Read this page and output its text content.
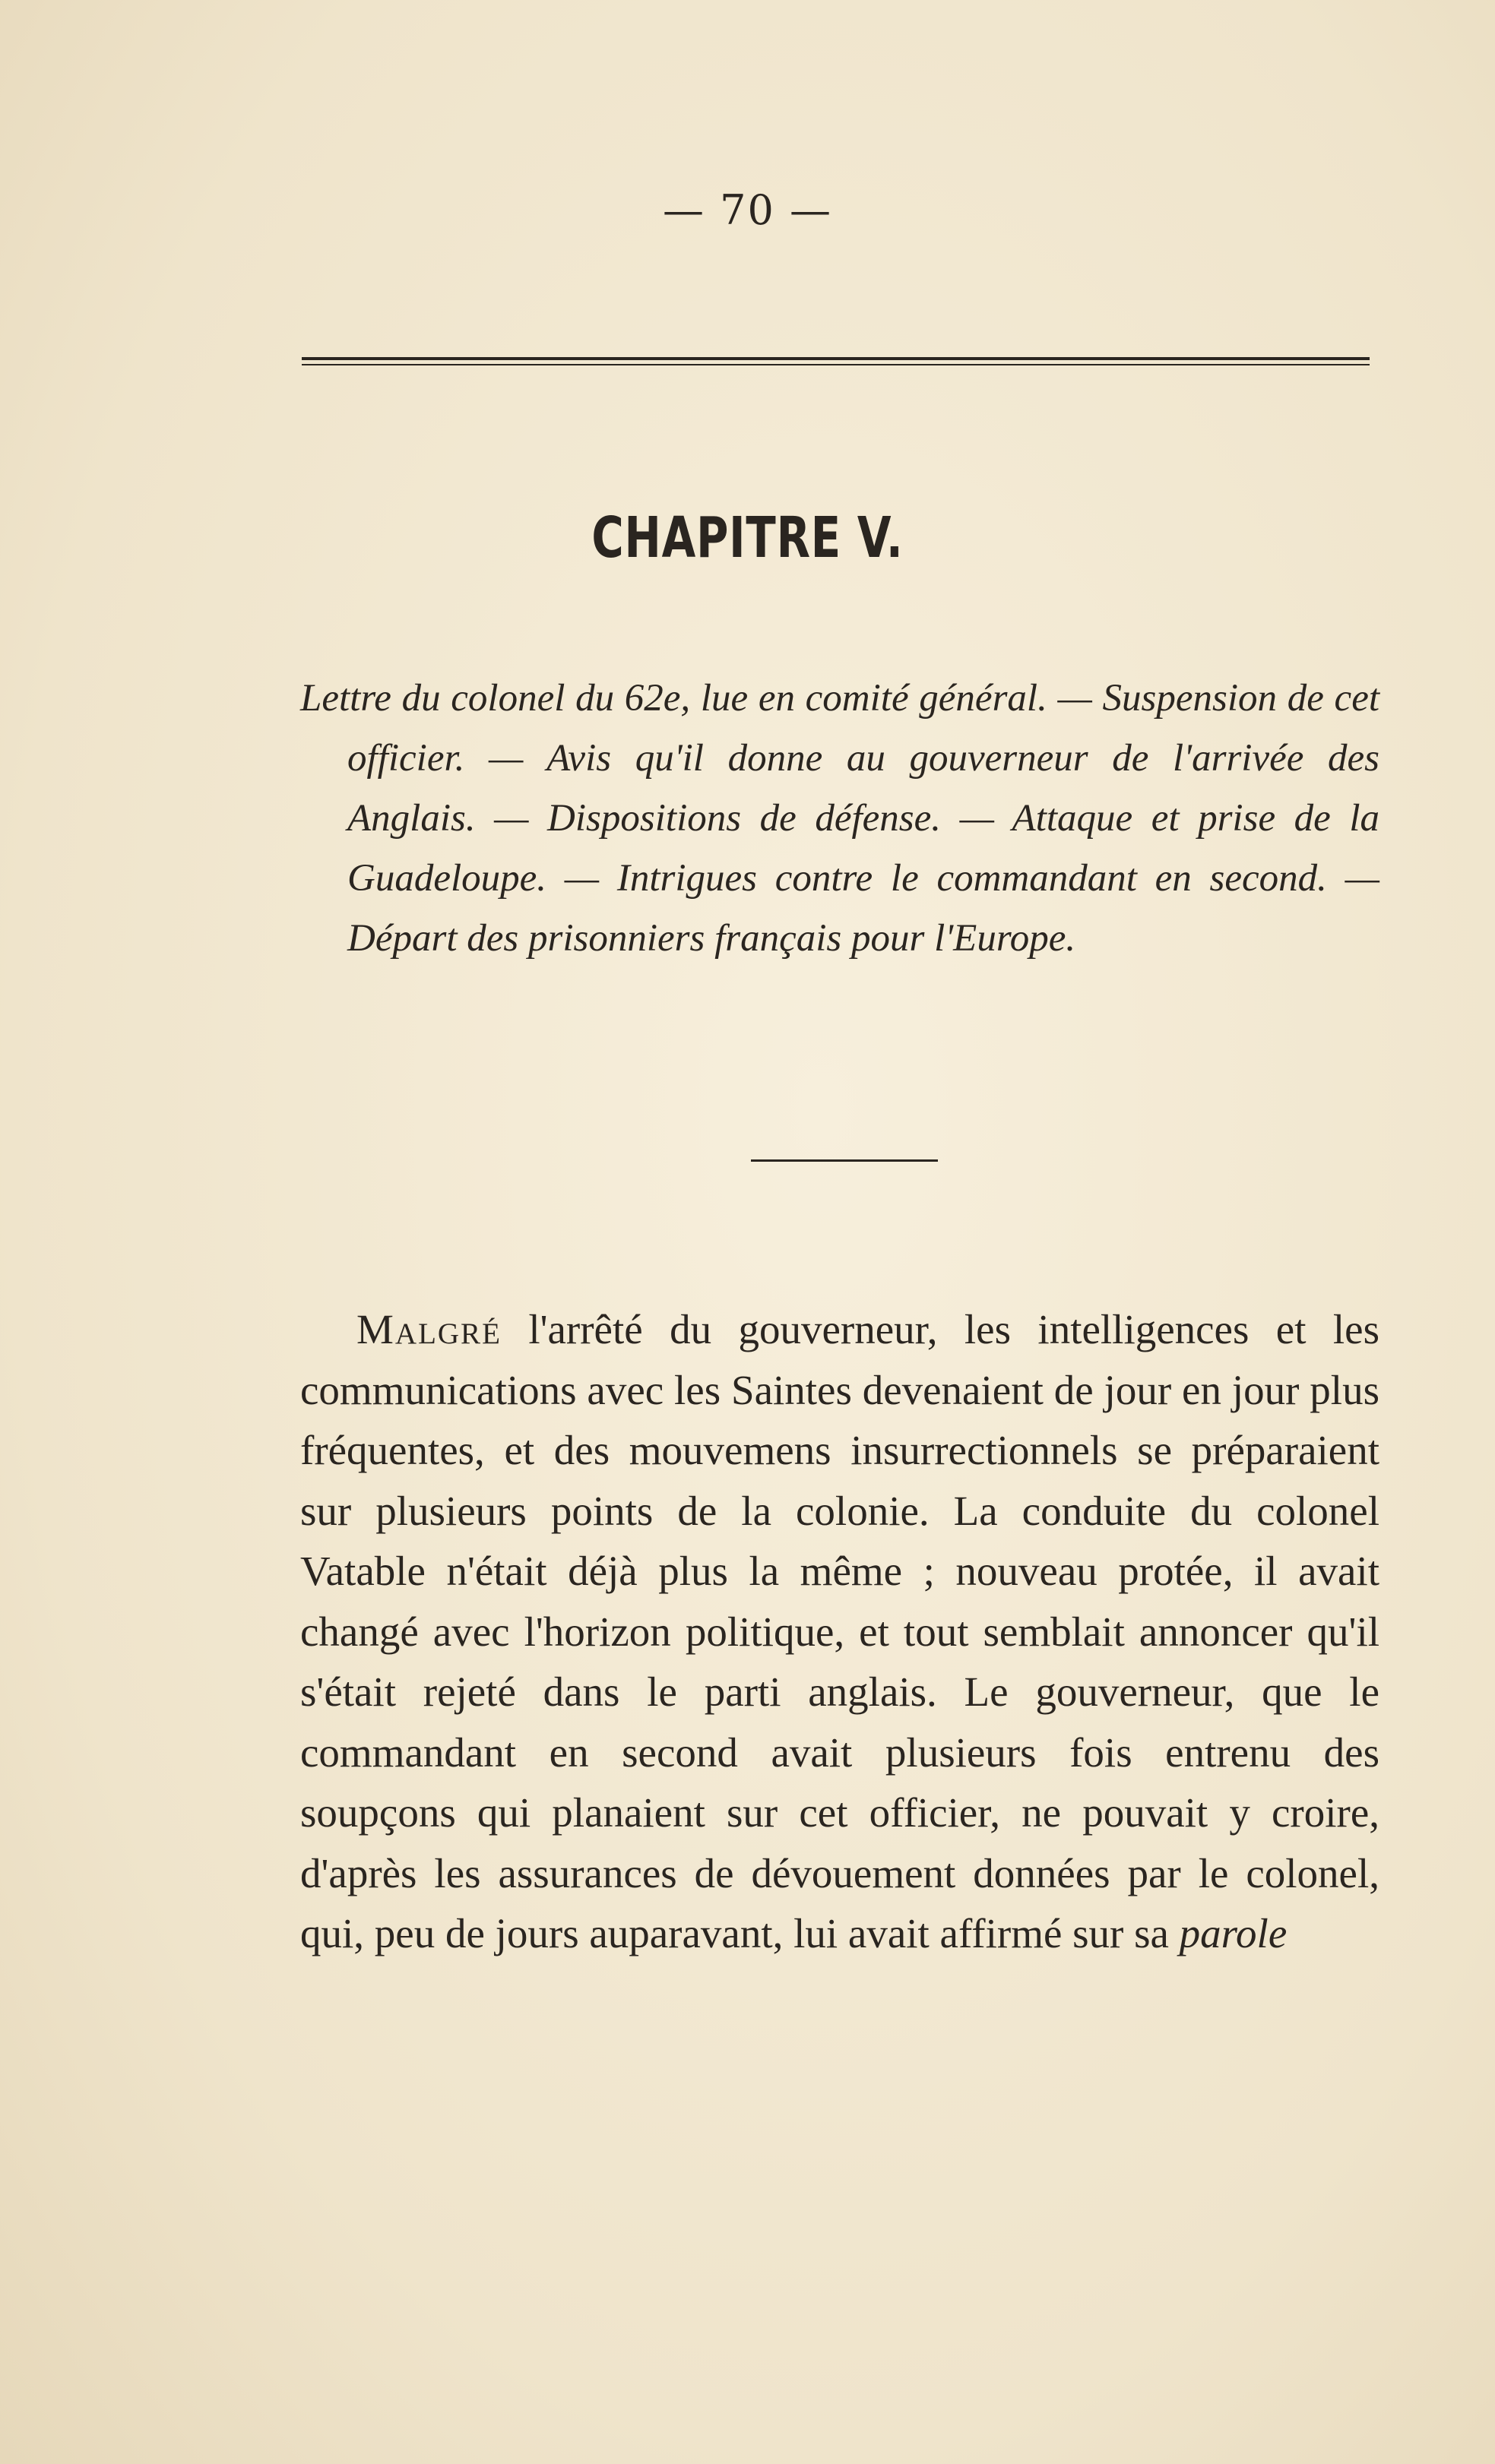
— 70 —
CHAPITRE V.
Lettre du colonel du 62e, lue en comité général. — Suspension de cet officier. — Avis qu'il donne au gouverneur de l'arrivée des Anglais. — Dispositions de défense. — Attaque et prise de la Guadeloupe. — Intrigues contre le commandant en second. — Départ des prisonniers français pour l'Europe.
Malgré l'arrêté du gouverneur, les intelligences et les communications avec les Saintes devenaient de jour en jour plus fréquentes, et des mouvemens insurrectionnels se préparaient sur plusieurs points de la colonie. La conduite du colonel Vatable n'était déjà plus la même ; nouveau protée, il avait changé avec l'horizon politique, et tout semblait annoncer qu'il s'était rejeté dans le parti anglais. Le gouverneur, que le commandant en second avait plusieurs fois entrenu des soupçons qui planaient sur cet officier, ne pouvait y croire, d'après les assurances de dévouement données par le colonel, qui, peu de jours auparavant, lui avait affirmé sur sa parole
